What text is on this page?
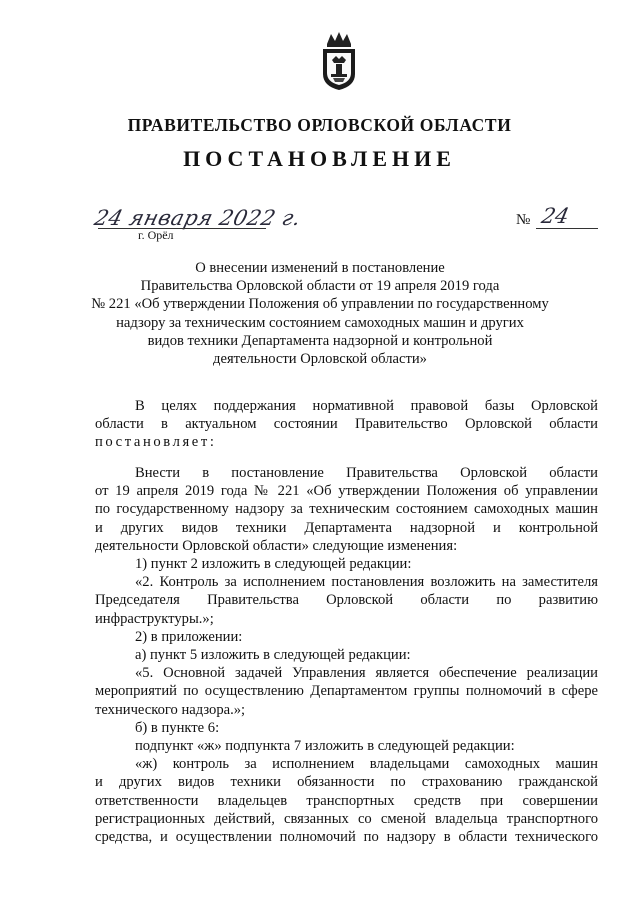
ПРАВИТЕЛЬСТВО ОРЛОВСКОЙ ОБЛАСТИ
ПОСТАНОВЛЕНИЕ
24 января 2022 г.
г. Орёл
№ 24
О внесении изменений в постановление
Правительства Орловской области от 19 апреля 2019 года
№ 221 «Об утверждении Положения об управлении по государственному
надзору за техническим состоянием самоходных машин и других
видов техники Департамента надзорной и контрольной
деятельности Орловской области»
В целях поддержания нормативной правовой базы Орловской
области в актуальном состоянии Правительство Орловской области
постановляет:
Внести в постановление Правительства Орловской области
от 19 апреля 2019 года № 221 «Об утверждении Положения об управлении
по государственному надзору за техническим состоянием самоходных машин
и других видов техники Департамента надзорной и контрольной
деятельности Орловской области» следующие изменения:
1) пункт 2 изложить в следующей редакции:
«2. Контроль за исполнением постановления возложить на заместителя
Председателя Правительства Орловской области по развитию
инфраструктуры.»;
2) в приложении:
а) пункт 5 изложить в следующей редакции:
«5. Основной задачей Управления является обеспечение реализации
мероприятий по осуществлению Департаментом группы полномочий в сфере
технического надзора.»;
б) в пункте 6:
подпункт «ж» подпункта 7 изложить в следующей редакции:
«ж) контроль за исполнением владельцами самоходных машин
и других видов техники обязанности по страхованию гражданской
ответственности владельцев транспортных средств при совершении
регистрационных действий, связанных со сменой владельца транспортного
средства, и осуществлении полномочий по надзору в области технического
